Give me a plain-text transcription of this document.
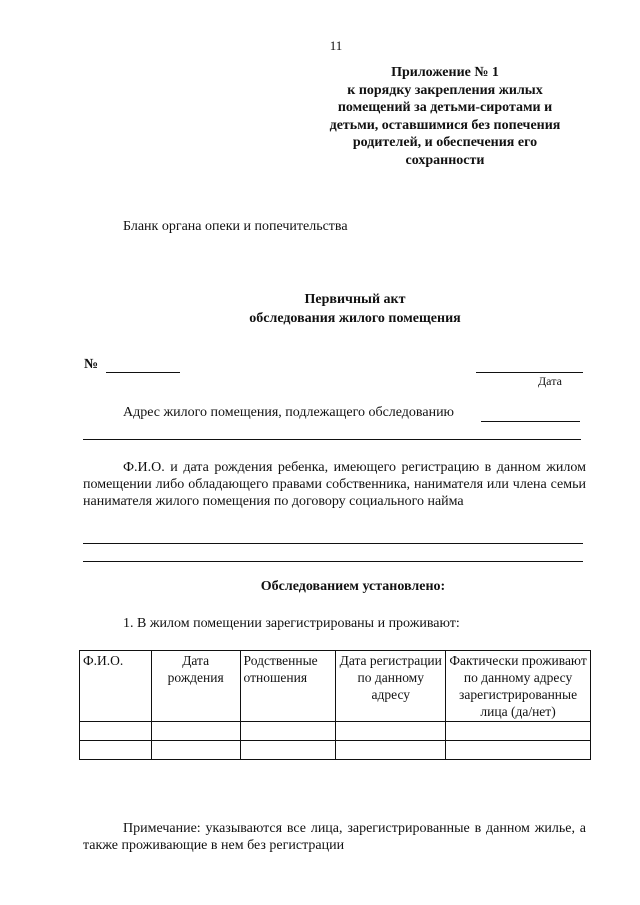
11
Приложение № 1
к порядку закрепления жилых
помещений за детьми-сиротами и
детьми, оставшимися без попечения
родителей, и обеспечения его
сохранности
Бланк органа опеки и попечительства
Первичный акт
обследования жилого помещения
№
Дата
Адрес жилого помещения, подлежащего обследованию
Ф.И.О. и дата рождения ребенка, имеющего регистрацию в данном жилом помещении либо обладающего правами собственника, нанимателя или члена семьи нанимателя жилого помещения по договору социального найма
Обследованием установлено:
1. В жилом помещении зарегистрированы и проживают:
Ф.И.О.	Дата рождения	Родственные отношения	Дата регистрации по данному адресу	Фактически проживают по данному адресу зарегистрированные лица (да/нет)

Примечание: указываются все лица, зарегистрированные в данном жилье, а также проживающие в нем без регистрации
